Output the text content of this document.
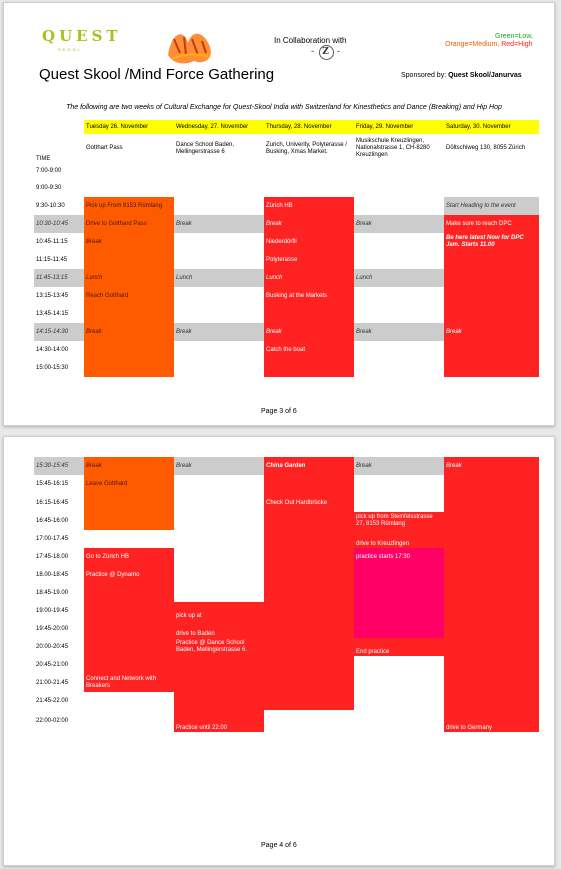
QUEST
SKOOL
In Collaboration with
- Z -
Green=Low,
Orange=Medium, Red=High
Quest Skool /Mind Force Gathering	Sponsored by: Quest Skool/Janurvas
The following are two weeks of Cultural Exchange for Quest-Skool India with Switzerland for Kinesthetics and Dance (Breaking) and Hip Hop
	Tuesday 26. November	Wednesday, 27. November	Thursday, 28. November	Friday, 29. November	Saturday, 30. November
TIME	Gotthart Pass	Dance School Baden, Mellingerstrasse 6	Zurich, Univerity, Polyterasse / Busking, Xmas Market.	Musikschule Kreuzlingen, Nationalstrasse 1, CH-8280 Kreuzlingen	Döltschiweg 130, 8055 Zürich
7:00-9:00					
9:00-9:30					
9:30-10:30	Pick up From 8153 Rümlang		Zürich HB		Start Heading to the event
10:30-10:45	Drive to Gotthard Pass	Break	Break	Break	Make sure to reach DPC
10:45-11:15	Break		Niederdörfli		Be here latest Now for DPC Jam. Starts 11.00
11:15-11:45			Polyterasse		
11:45-13:15	Lunch	Lunch	Lunch	Lunch	
13:15-13:45	Reach Gotthard		Busking at the Markets		
13:45-14:15					
14:15-14:30	Break	Break	Break	Break	Break
14:30-14:00			Catch the boat		
15:00-15:30					
Page 3 of 6
15:30-15:45	Break	Break	China Garden	Break	Break
15:45-16:15	Leave Gotthard				
16:15-16:45			Check Out Hardbrücke		
16:45-16:00				pick up from Steinfelsstrasse 27, 8153 Rümlang	
17:00-17.45				drive to Kreuzlingen	
17:45-18.00	Go to Zürich HB			practice starts 17:30	
18.00-18:45	Practice @ Dynamo				
18:45-19.00					
19:00-19:45		pick up at			
19:45-20:00		drive to Baden			
20:00-20:45		Practice @ Dance School Baden, Mellingerstrasse 6.		End practice	
20:45-21:00					
21:00-21.45	Connect and Network with Breakers				
21:45-22.00					
22:00-02:00		Practice until 22.00			drive to Germany
Page 4 of 6
